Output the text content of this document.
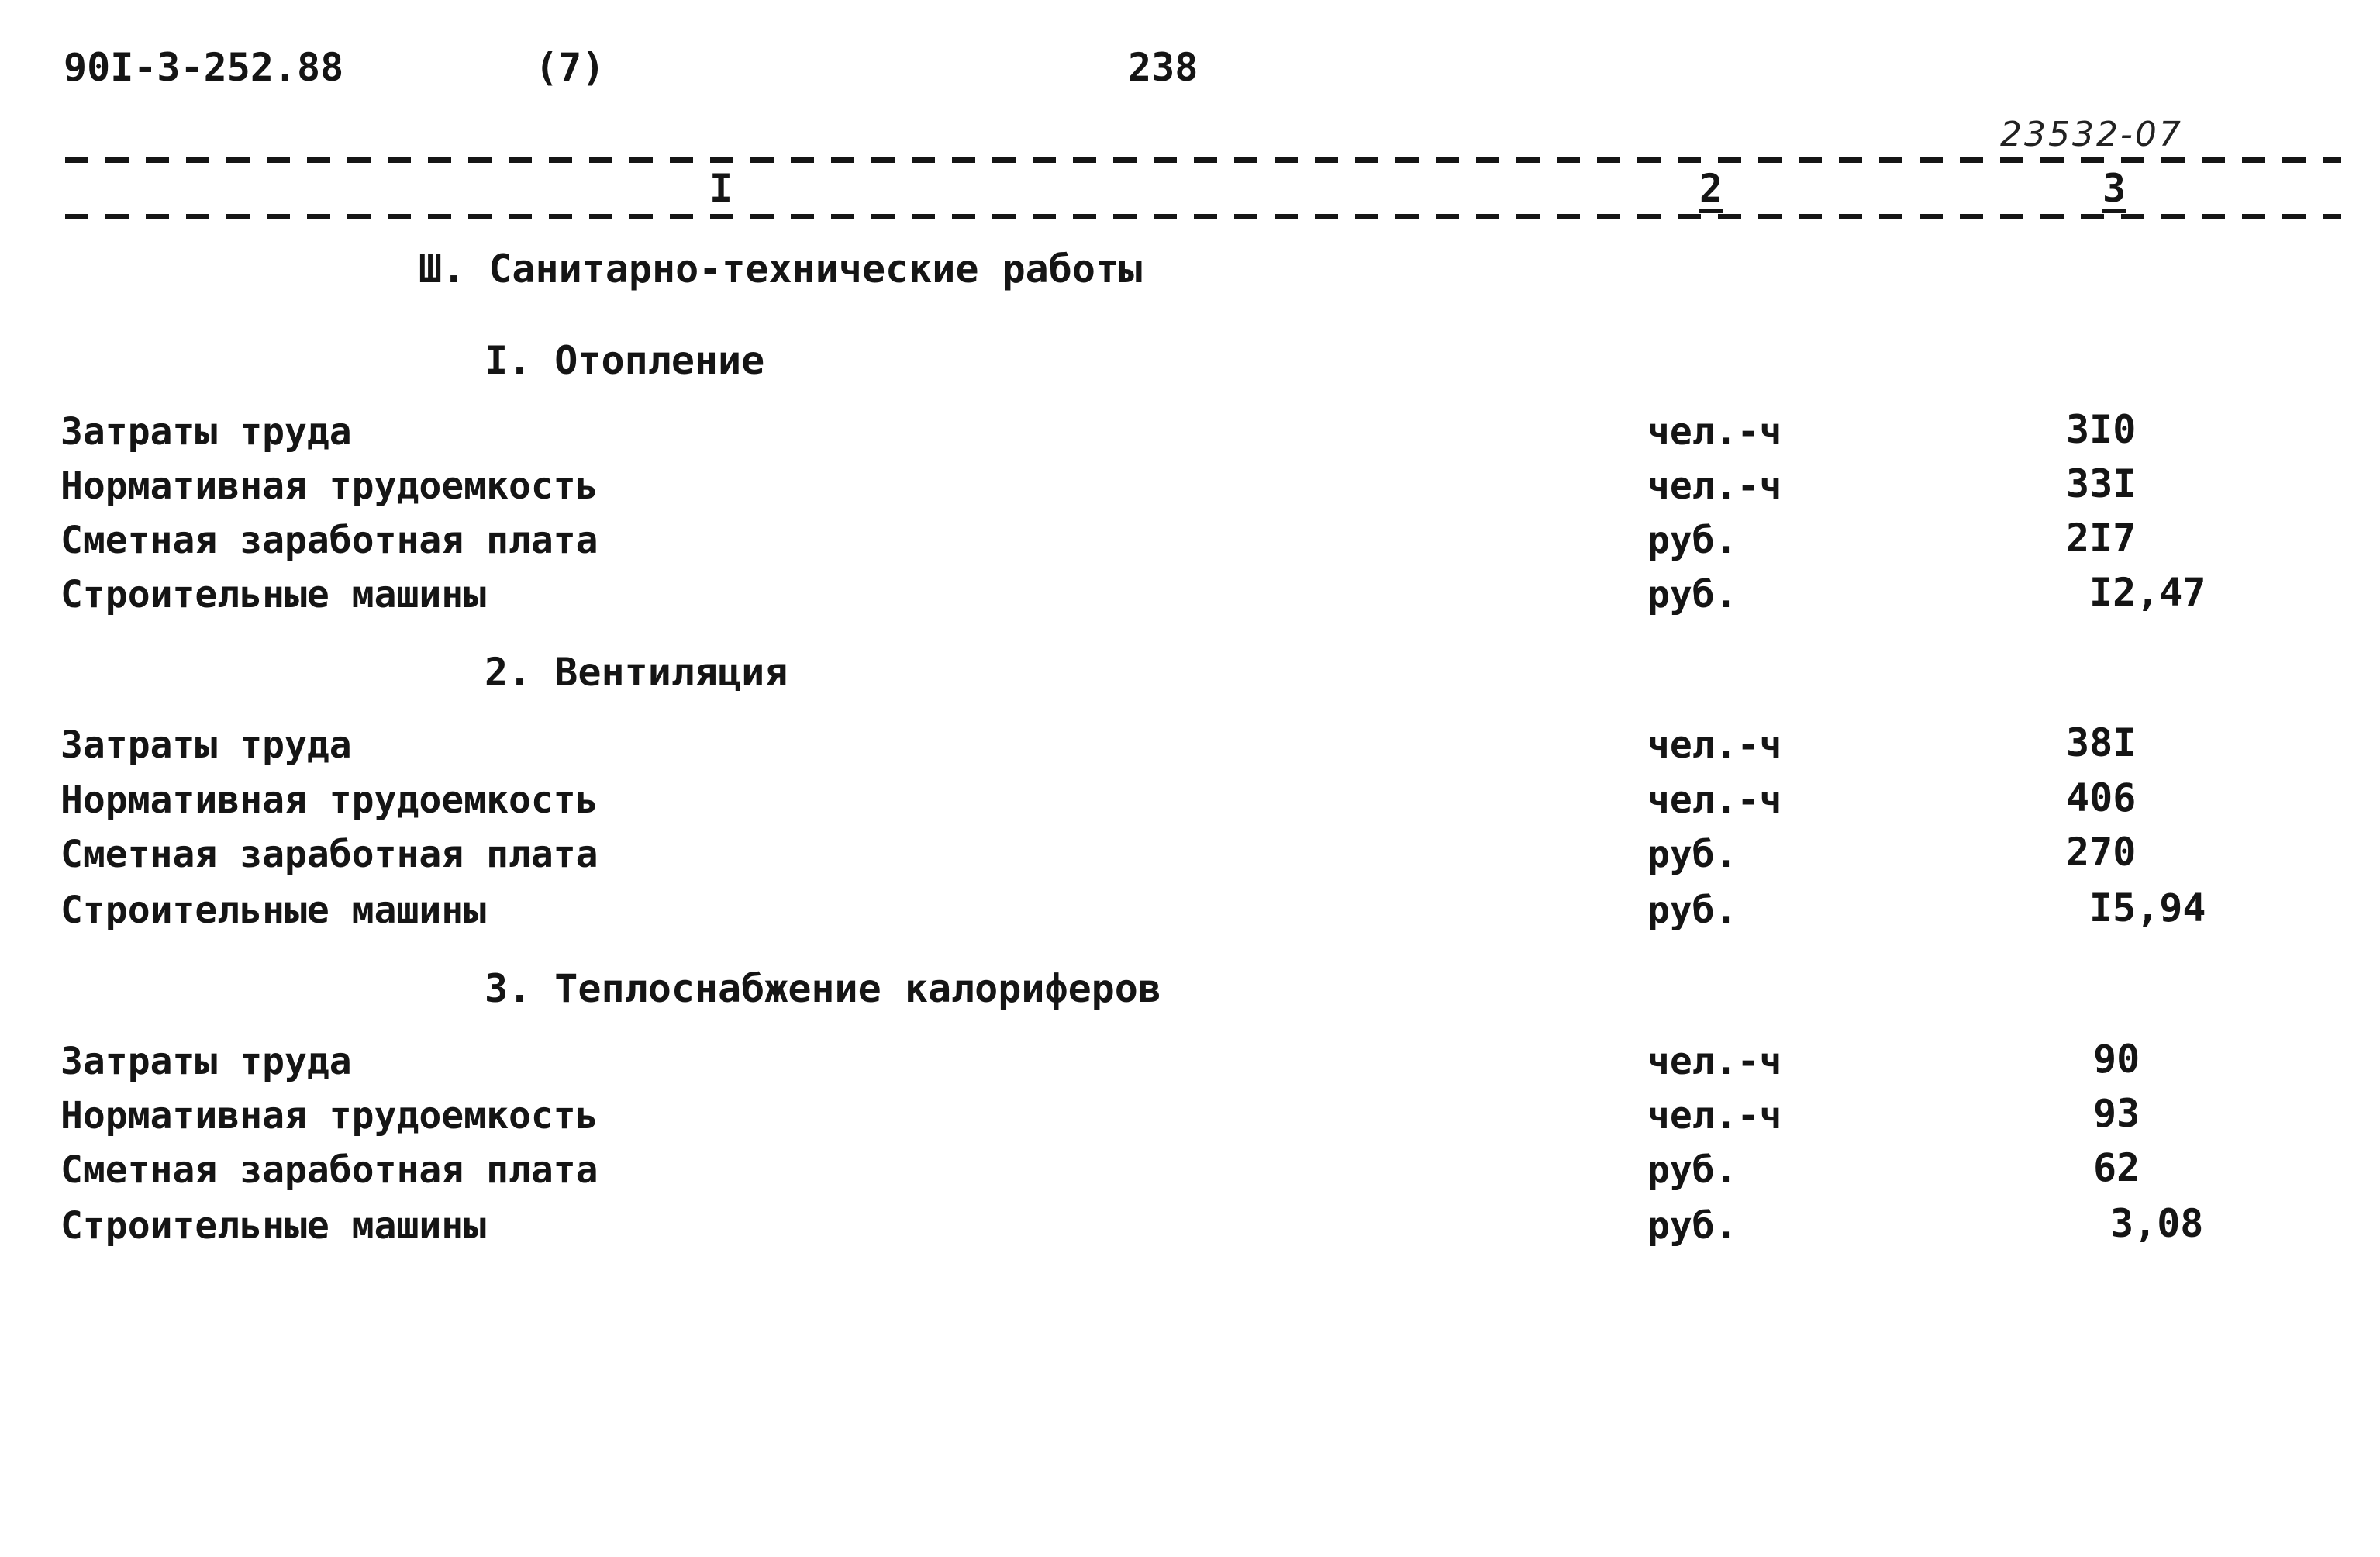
90I-3-252.88	(7)	238
23532-07
I	2	3
Ш. Санитарно-технические работы
I. Отопление
Затраты труда	чел.-ч	3I0
Нормативная трудоемкость	чел.-ч	33I
Сметная заработная плата	руб.	2I7
Строительные машины	руб.	I2,47
2. Вентиляция
Затраты труда	чел.-ч	38I
Нормативная трудоемкость	чел.-ч	406
Сметная заработная плата	руб.	270
Строительные машины	руб.	I5,94
3. Теплоснабжение калориферов
Затраты труда	чел.-ч	90
Нормативная трудоемкость	чел.-ч	93
Сметная заработная плата	руб.	62
Строительные машины	руб.	3,08
